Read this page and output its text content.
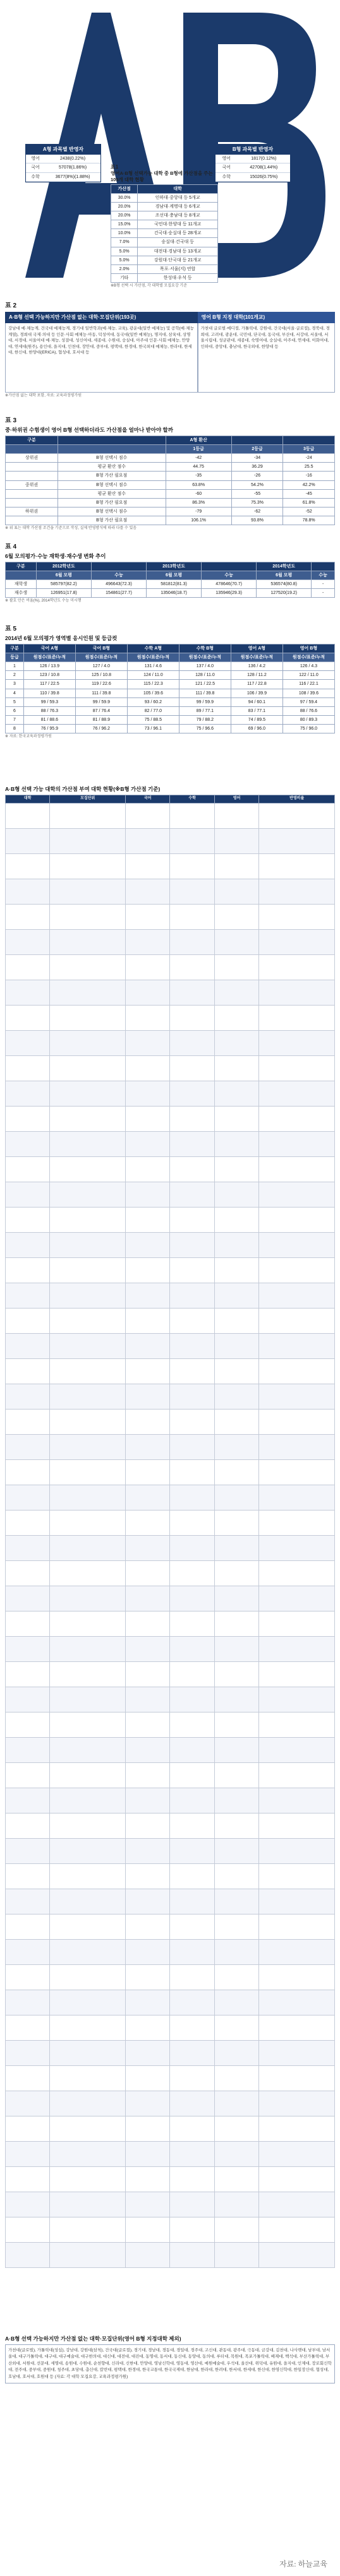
A형 과목별 반영자
영어	2438(0.22%)
국어	57078(1.86%)
수학	3677(8%)(1.88%)
B형 과목별 반영자
영어	1817(0.12%)
국어	42708(1.44%)
수학	15026(0.75%)
표1
영어A·B형 선택가능 대학 중 B형에 가산점을 주는 105개 대학 현황
가산점	대학
30.0%	인하대·중앙대 등 5개교
20.0%	경남대·계명대 등 6개교
20.0%	조선대·충남대 등 8개교
15.0%	국민대·한양대 등 11개교
10.0%	건국대·숭실대 등 28개교
7.0%	숭실대·건국대 등
5.0%	대전대·경남대 등 13개교
5.0%	강원대·단국대 등 21개교
2.0%	목포·서울(지) 연합
기타	한성대·우석 등
※B형 선택 시 가산점, 각 대학별 모집요강 기준
표 2
A·B형 선택 가능하지만 가산점 없는 대학·모집단위(193곳)
강남대 예·체능계, 건국대 예체능계, 경기대 일반학과(예·체능, 교육), 광운대(일반 예체능) 및 공학(예·체능계열), 경희대 국제·의대 등 인문·사회 예체능·아동, 덕성여대, 동국대(일반 예체능), 명지대, 삼육대, 상명대, 서경대, 서울여대 예·체능, 성결대, 성신여대, 세종대, 수원대, 숭실대, 아주대 인문·사회 예체능, 안양대, 연세대(원주), 용인대, 을지대, 인천대, 장안대, 중부대, 평택대, 한경대, 한국외대 예체능, 한라대, 한세대, 한신대, 한양대(ERICA), 협성대, 호서대 등
영어 B형 지정 대학(101개교)
가천대 글로벌·메디컬, 가톨릭대, 강원대, 건국대(서울·글로컬), 경북대, 경희대, 고려대, 광운대, 국민대, 단국대, 동국대, 부산대, 서강대, 서울대, 서울시립대, 성균관대, 세종대, 숙명여대, 숭실대, 아주대, 연세대, 이화여대, 인하대, 중앙대, 충남대, 한국외대, 한양대 등
※가산점 없는 대학 포함, 자료: 교육과정평가원
표 3
중·하위권 수험생이 영어 B형 선택하더라도 가산점을 얼마나 받아야 할까
구분		A형 환산		
		1등급	2등급	3등급
상위권	B형 선택시 점수	-42	-34	-24
	평균 환산 점수	44.75	36.29	25.5
	B형 가산 필요점	-35	-26	-16
중위권	B형 선택시 점수	63.8%	54.2%	42.2%
	평균 환산 점수	-60	-55	-45
	B형 가산 필요점	86.3%	75.3%	61.8%
하위권	B형 선택시 점수	-79	-62	-52
	B형 가산 필요점	106.1%	93.8%	78.8%
※ 위 표는 대학 가산점 조건을 기준으로 작성, 실제 반영방식에 따라 다를 수 있음
표 4
6월 모의평가·수능 재학생·재수생 변화 추이
구분	2012학년도		2013학년도		2014학년도	
	6월 모평	수능	6월 모평	수능	6월 모평	수능
재학생	585797(82.2)	496643(72.3)	581812(81.3)	478646(70.7)	536574(80.8)	-
재수생	126951(17.8)	154861(27.7)	135046(18.7)	135946(29.3)	127520(19.2)	-
※ 괄호 안은 비율(%), 2014학년도 수능 미시행
표 5
2014년 6월 모의평가 영역별 응시인원 및 등급컷
구분	국어 A형	국어 B형	수학 A형	수학 B형	영어 A형	영어 B형
등급	원점수/표준/누적	원점수/표준/누적	원점수/표준/누적	원점수/표준/누적	원점수/표준/누적	원점수/표준/누적
1	126 / 13.9	127 / 4.0	131 / 4.6	137 / 4.0	136 / 4.2	126 / 4.3
2	123 / 10.8	125 / 10.8	124 / 11.0	128 / 11.0	128 / 11.2	122 / 11.0
3	117 / 22.5	119 / 22.6	115 / 22.3	121 / 22.5	117 / 22.8	116 / 22.1
4	110 / 39.8	111 / 39.8	105 / 39.6	111 / 39.8	106 / 39.9	108 / 39.6
5	99 / 59.3	99 / 59.9	93 / 60.2	99 / 59.9	94 / 60.1	97 / 59.4
6	88 / 76.3	87 / 76.4	82 / 77.0	89 / 77.1	83 / 77.1	88 / 76.6
7	81 / 88.6	81 / 88.9	75 / 88.5	79 / 88.2	74 / 89.5	80 / 89.3
8	76 / 95.9	76 / 96.2	73 / 96.1	75 / 96.6	69 / 96.0	75 / 96.0
※ 자료: 한국교육과정평가원
A·B형 선택 가능 대학의 가산점 부여 대학 현황(※B형 가산점 기준)
대학	모집단위	국어	수학	영어	반영비율

A·B형 선택 가능하지만 가산점 없는 대학·모집단위(영어 B형 지정대학 제외)
가천대(글로벌), 가톨릭대(성심), 강남대, 강원대(삼척), 건국대(글로컬), 경기대, 경남대, 경동대, 경일대, 경주대, 고신대, 관동대, 광주대, 극동대, 금강대, 김천대, 나사렛대, 남부대, 남서울대, 대구가톨릭대, 대구대, 대구예술대, 대구한의대, 대신대, 대전대, 대진대, 동명대, 동서대, 동신대, 동양대, 동의대, 루터대, 목원대, 목포가톨릭대, 배재대, 백석대, 부산가톨릭대, 부산외대, 서원대, 선문대, 세명대, 송원대, 수원대, 순천향대, 신라대, 신한대, 안양대, 영남신학대, 영동대, 영산대, 예원예술대, 우석대, 울산대, 위덕대, 유원대, 을지대, 인제대, 장로회신학대, 전주대, 중부대, 중원대, 청주대, 초당대, 총신대, 칼빈대, 평택대, 한경대, 한국교통대, 한국국제대, 한남대, 한라대, 한려대, 한서대, 한세대, 한신대, 한영신학대, 한일장신대, 협성대, 호남대, 호서대, 호원대 등 (자료: 각 대학 모집요강, 교육과정평가원)
자료: 하늘교육
